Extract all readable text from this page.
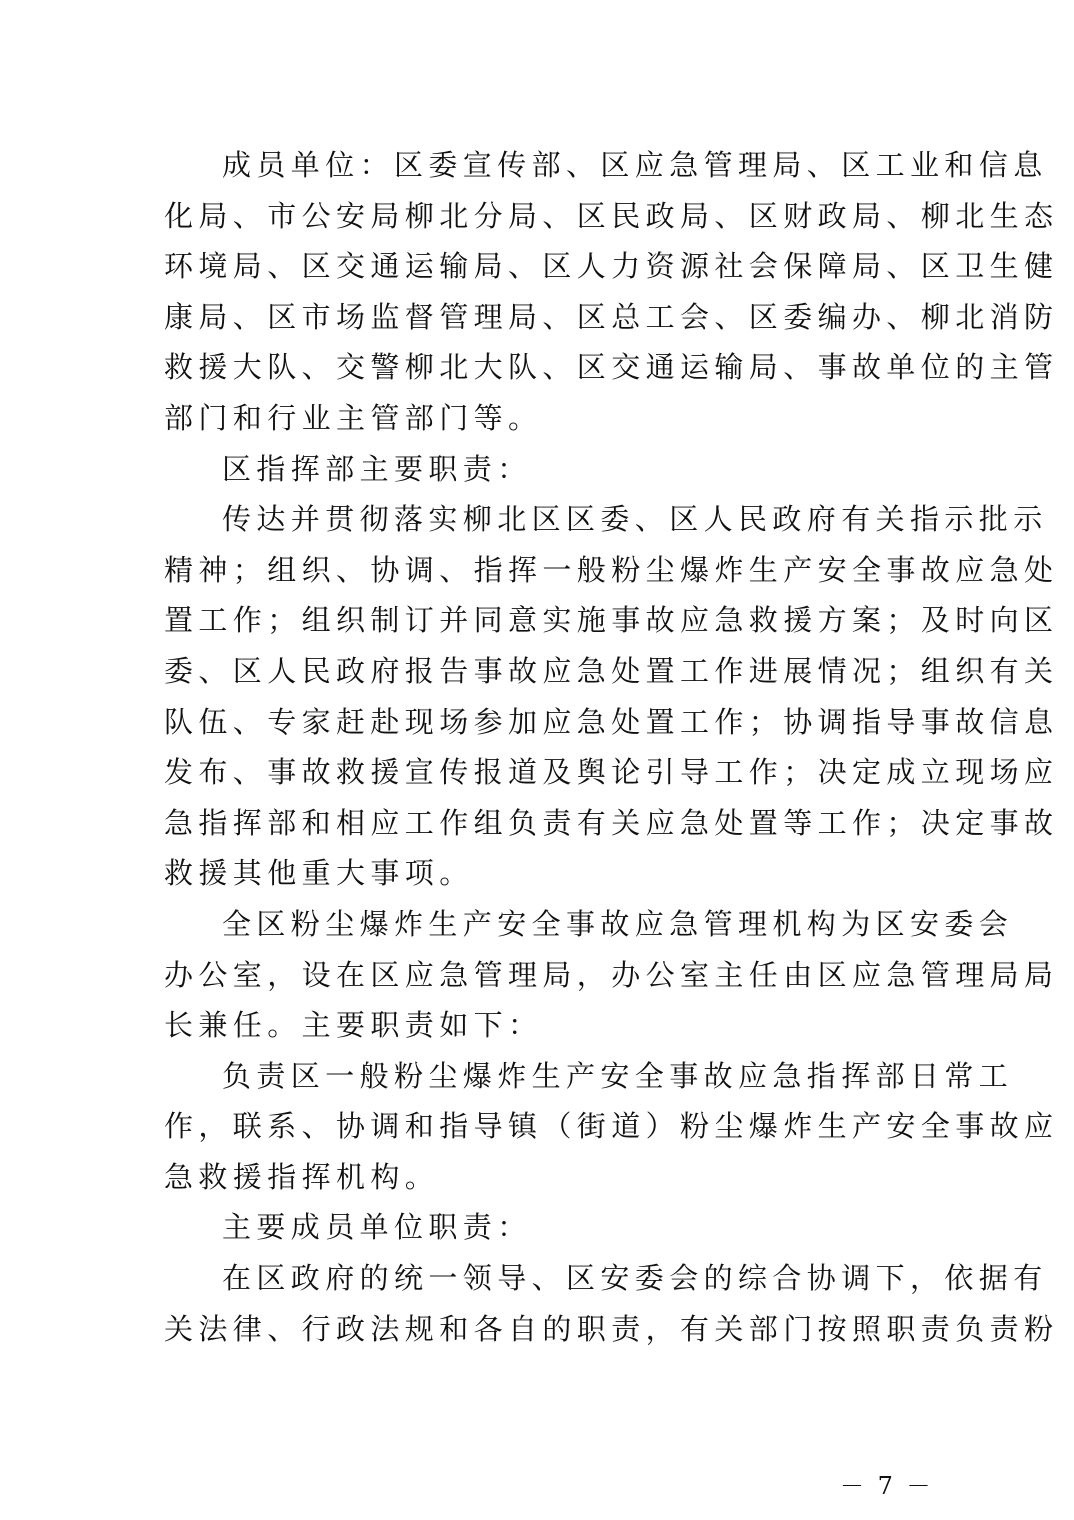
成员单位：区委宣传部、区应急管理局、区工业和信息
化局、市公安局柳北分局、区民政局、区财政局、柳北生态
环境局、区交通运输局、区人力资源社会保障局、区卫生健
康局、区市场监督管理局、区总工会、区委编办、柳北消防
救援大队、交警柳北大队、区交通运输局、事故单位的主管
部门和行业主管部门等。
区指挥部主要职责：
传达并贯彻落实柳北区区委、区人民政府有关指示批示
精神；组织、协调、指挥一般粉尘爆炸生产安全事故应急处
置工作；组织制订并同意实施事故应急救援方案；及时向区
委、区人民政府报告事故应急处置工作进展情况；组织有关
队伍、专家赶赴现场参加应急处置工作；协调指导事故信息
发布、事故救援宣传报道及舆论引导工作；决定成立现场应
急指挥部和相应工作组负责有关应急处置等工作；决定事故
救援其他重大事项。
全区粉尘爆炸生产安全事故应急管理机构为区安委会
办公室，设在区应急管理局，办公室主任由区应急管理局局
长兼任。主要职责如下：
负责区一般粉尘爆炸生产安全事故应急指挥部日常工
作，联系、协调和指导镇（街道）粉尘爆炸生产安全事故应
急救援指挥机构。
主要成员单位职责：
在区政府的统一领导、区安委会的综合协调下，依据有
关法律、行政法规和各自的职责，有关部门按照职责负责粉
－ 7 －
